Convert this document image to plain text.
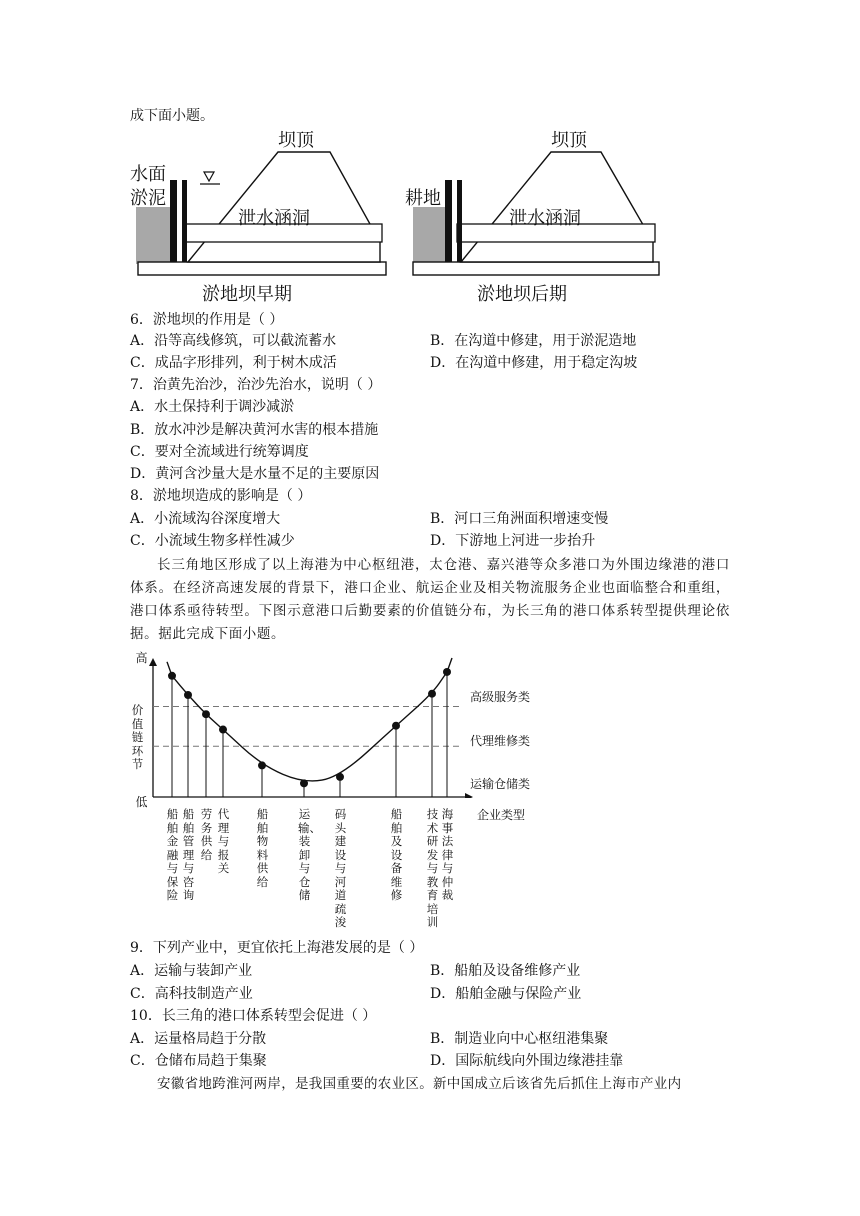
成下面小题。
坝顶
水面
淤泥
泄水涵洞
淤地坝早期
坝顶
耕地
泄水涵洞
淤地坝后期
6．淤地坝的作用是（ ）
A．沿等高线修筑，可以截流蓄水	B．在沟道中修建，用于淤泥造地
C．成品字形排列，利于树木成活	D．在沟道中修建，用于稳定沟坡
7．治黄先治沙，治沙先治水，说明（ ）
A．水土保持利于调沙减淤
B．放水冲沙是解决黄河水害的根本措施
C．要对全流域进行统筹调度
D．黄河含沙量大是水量不足的主要原因
8．淤地坝造成的影响是（ ）
A．小流域沟谷深度增大	B．河口三角洲面积增速变慢
C．小流域生物多样性减少	D．下游地上河进一步抬升
长三角地区形成了以上海港为中心枢纽港，太仓港、嘉兴港等众多港口为外围边缘港的港口体系。在经济高速发展的背景下，港口企业、航运企业及相关物流服务企业也面临整合和重组，港口体系亟待转型。下图示意港口后勤要素的价值链分布，为长三角的港口体系转型提供理论依据。据此完成下面小题。
高
价值链环节
低
高级服务类
代理维修类
运输仓储类
企业类型
船舶金融与保险
船舶管理与咨询
劳务供给
代理与报关
船舶物料供给
运输、装卸与仓储
码头建设与河道疏浚
船舶及设备维修
技术研发与教育培训
海事法律与仲裁
9．下列产业中，更宜依托上海港发展的是（ ）
A．运输与装卸产业	B．船舶及设备维修产业
C．高科技制造产业	D．船舶金融与保险产业
10．长三角的港口体系转型会促进（ ）
A．运量格局趋于分散	B．制造业向中心枢纽港集聚
C．仓储布局趋于集聚	D．国际航线向外围边缘港挂靠
安徽省地跨淮河两岸，是我国重要的农业区。新中国成立后该省先后抓住上海市产业内
